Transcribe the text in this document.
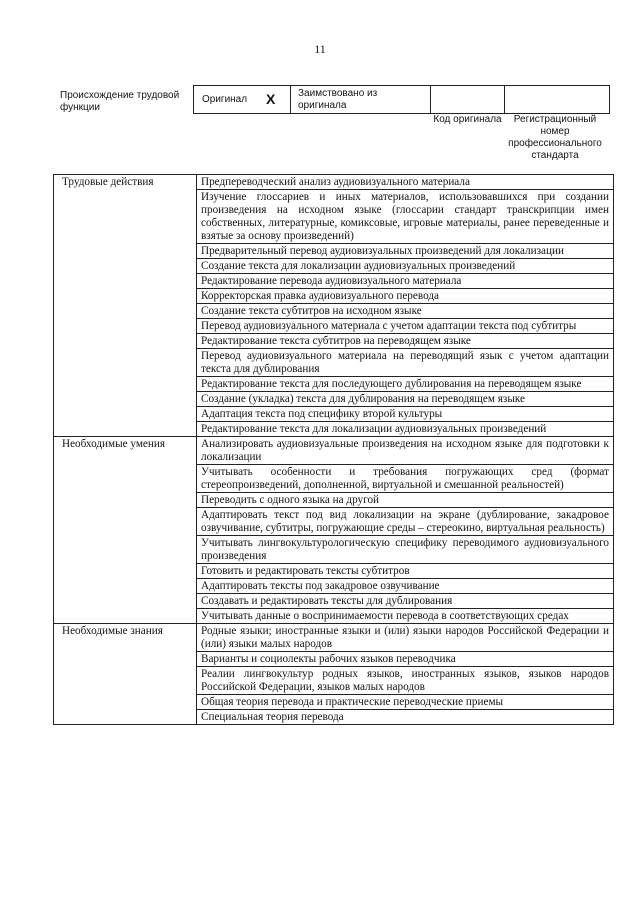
11
Происхождение трудовой функции
Оригинал X Заимствовано из оригинала
Код оригинала	Регистрационный номер профессионального стандарта
Трудовые действия	Предпереводческий анализ аудиовизуального материала
	Изучение глоссариев и иных материалов, использовавшихся при создании произведения на исходном языке (глоссарии стандарт транскрипции имен собственных, литературные, комиксовые, игровые материалы, ранее переведенные и взятые за основу произведений)
	Предварительный перевод аудиовизуальных произведений для локализации
	Создание текста для локализации аудиовизуальных произведений
	Редактирование перевода аудиовизуального материала
	Корректорская правка аудиовизуального перевода
	Создание текста субтитров на исходном языке
	Перевод аудиовизуального материала с учетом адаптации текста под субтитры
	Редактирование текста субтитров на переводящем языке
	Перевод аудиовизуального материала на переводящий язык с учетом адаптации текста для дублирования
	Редактирование текста для последующего дублирования на переводящем языке
	Создание (укладка) текста для дублирования на переводящем языке
	Адаптация текста под специфику второй культуры
	Редактирование текста для локализации аудиовизуальных произведений
Необходимые умения	Анализировать аудиовизуальные произведения на исходном языке для подготовки к локализации
	Учитывать особенности и требования погружающих сред (формат стереопроизведений, дополненной, виртуальной и смешанной реальностей)
	Переводить с одного языка на другой
	Адаптировать текст под вид локализации на экране (дублирование, закадровое озвучивание, субтитры, погружающие среды – стереокино, виртуальная реальность)
	Учитывать лингвокультурологическую специфику переводимого аудиовизуального произведения
	Готовить и редактировать тексты субтитров
	Адаптировать тексты под закадровое озвучивание
	Создавать и редактировать тексты для дублирования
	Учитывать данные о воспринимаемости перевода в соответствующих средах
Необходимые знания	Родные языки; иностранные языки и (или) языки народов Российской Федерации и (или) языки малых народов
	Варианты и социолекты рабочих языков переводчика
	Реалии лингвокультур родных языков, иностранных языков, языков народов Российской Федерации, языков малых народов
	Общая теория перевода и практические переводческие приемы
	Специальная теория перевода
